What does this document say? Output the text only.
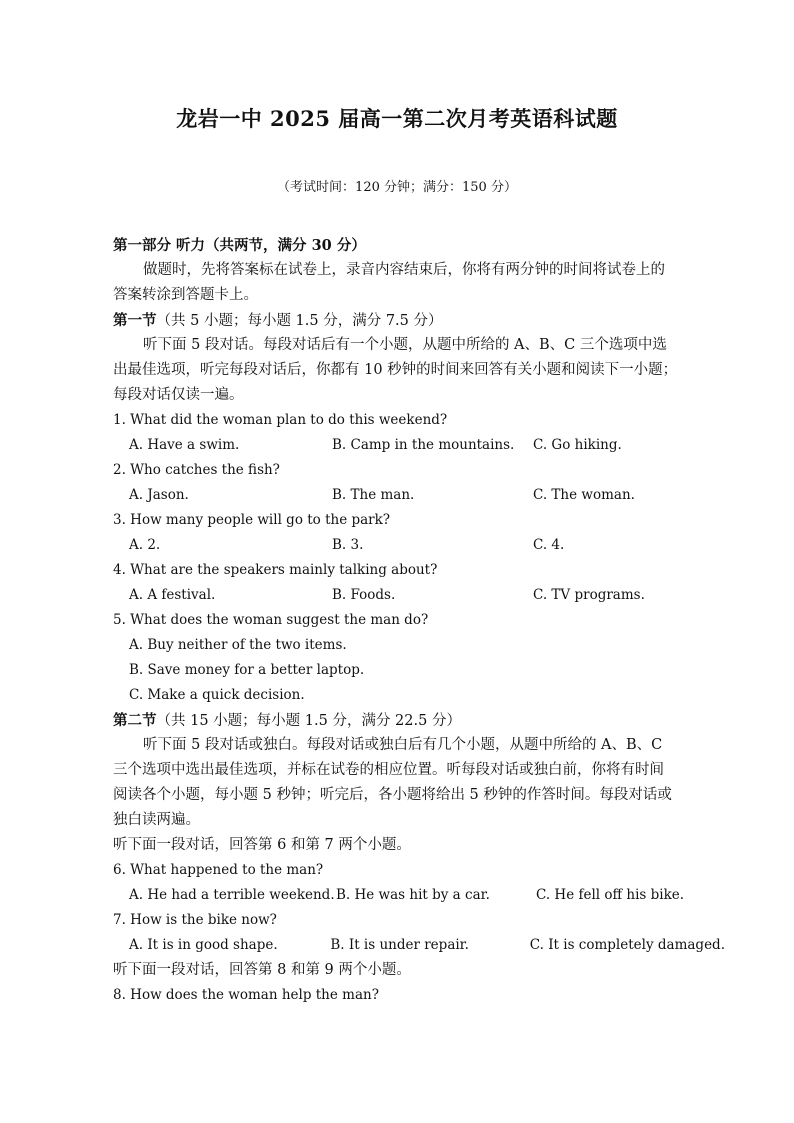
龙岩一中 2025 届高一第二次月考英语科试题
（考试时间：120 分钟；满分：150 分）
第一部分 听力（共两节，满分 30 分）
做题时，先将答案标在试卷上，录音内容结束后，你将有两分钟的时间将试卷上的
答案转涂到答题卡上。
第一节（共 5 小题；每小题 1.5 分，满分 7.5 分）
听下面 5 段对话。每段对话后有一个小题，从题中所给的 A、B、C 三个选项中选
出最佳选项，听完每段对话后，你都有 10 秒钟的时间来回答有关小题和阅读下一小题；
每段对话仅读一遍。
1. What did the woman plan to do this weekend?
A. Have a swim.	B. Camp in the mountains.	C. Go hiking.
2. Who catches the fish?
A. Jason.	B. The man.	C. The woman.
3. How many people will go to the park?
A. 2.	B. 3.	C. 4.
4. What are the speakers mainly talking about?
A. A festival.	B. Foods.	C. TV programs.
5. What does the woman suggest the man do?
A. Buy neither of the two items.
B. Save money for a better laptop.
C. Make a quick decision.
第二节（共 15 小题；每小题 1.5 分，满分 22.5 分）
听下面 5 段对话或独白。每段对话或独白后有几个小题，从题中所给的 A、B、C
三个选项中选出最佳选项，并标在试卷的相应位置。听每段对话或独白前，你将有时间
阅读各个小题，每小题 5 秒钟；听完后，各小题将给出 5 秒钟的作答时间。每段对话或
独白读两遍。
听下面一段对话，回答第 6 和第 7 两个小题。
6. What happened to the man?
A. He had a terrible weekend. B. He was hit by a car.	C. He fell off his bike.
7. How is the bike now?
A. It is in good shape.	B. It is under repair.	C. It is completely damaged.
听下面一段对话，回答第 8 和第 9 两个小题。
8. How does the woman help the man?
